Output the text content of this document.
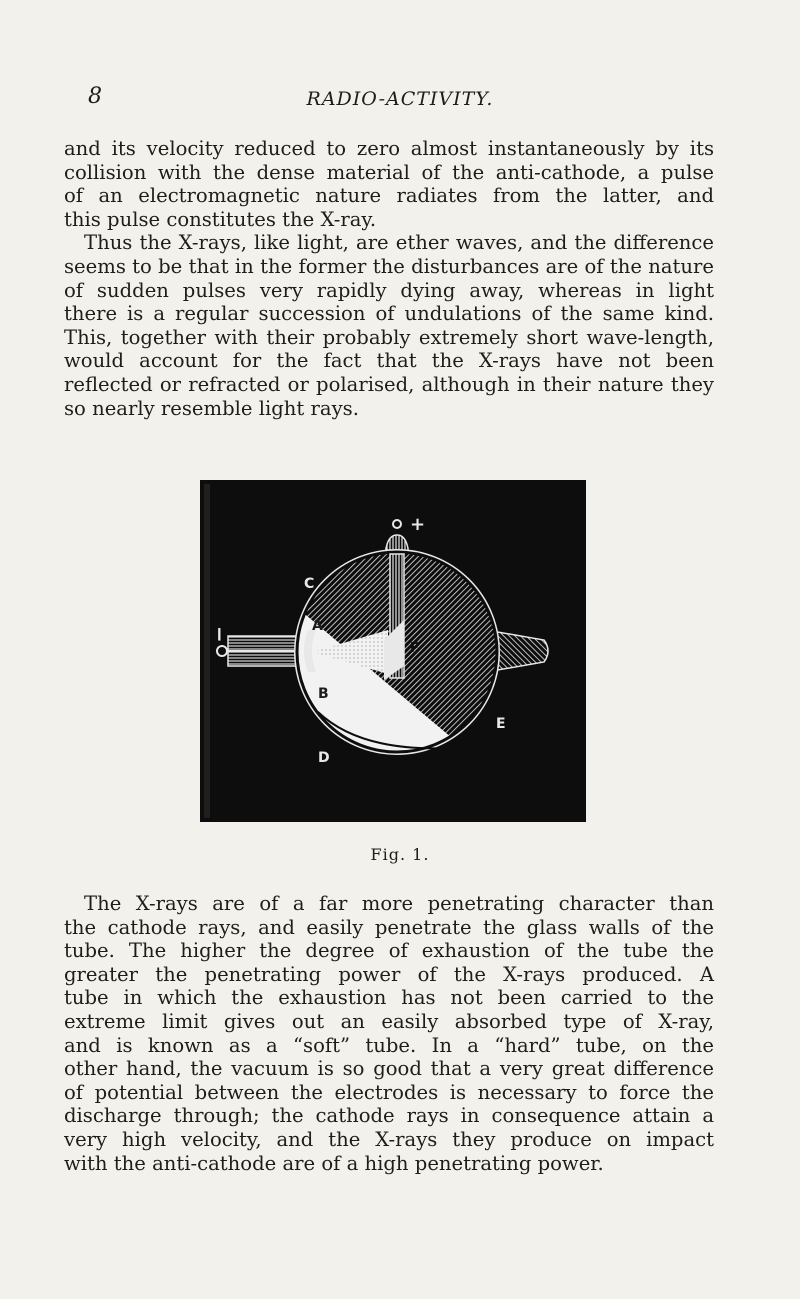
8	RADIO-ACTIVITY.
and its velocity reduced to zero almost instantaneously by its
collision with the dense material of the anti-cathode, a pulse
of an electromagnetic nature radiates from the latter, and
this pulse constitutes the X-ray.
Thus the X-rays, like light, are ether waves, and the difference
seems to be that in the former the disturbances are of the nature
of sudden pulses very rapidly dying away, whereas in light
there is a regular succession of undulations of the same kind.
This, together with their probably extremely short wave-length,
would account for the fact that the X-rays have not been
reflected or refracted or polarised, although in their nature they
so nearly resemble light rays.
+
−
C
A
B
F
E
D
Fig. 1.
The X-rays are of a far more penetrating character than
the cathode rays, and easily penetrate the glass walls of the
tube. The higher the degree of exhaustion of the tube the
greater the penetrating power of the X-rays produced. A
tube in which the exhaustion has not been carried to the
extreme limit gives out an easily absorbed type of X-ray,
and is known as a “soft” tube. In a “hard” tube, on the
other hand, the vacuum is so good that a very great difference
of potential between the electrodes is necessary to force the
discharge through; the cathode rays in consequence attain a
very high velocity, and the X-rays they produce on impact
with the anti-cathode are of a high penetrating power.
